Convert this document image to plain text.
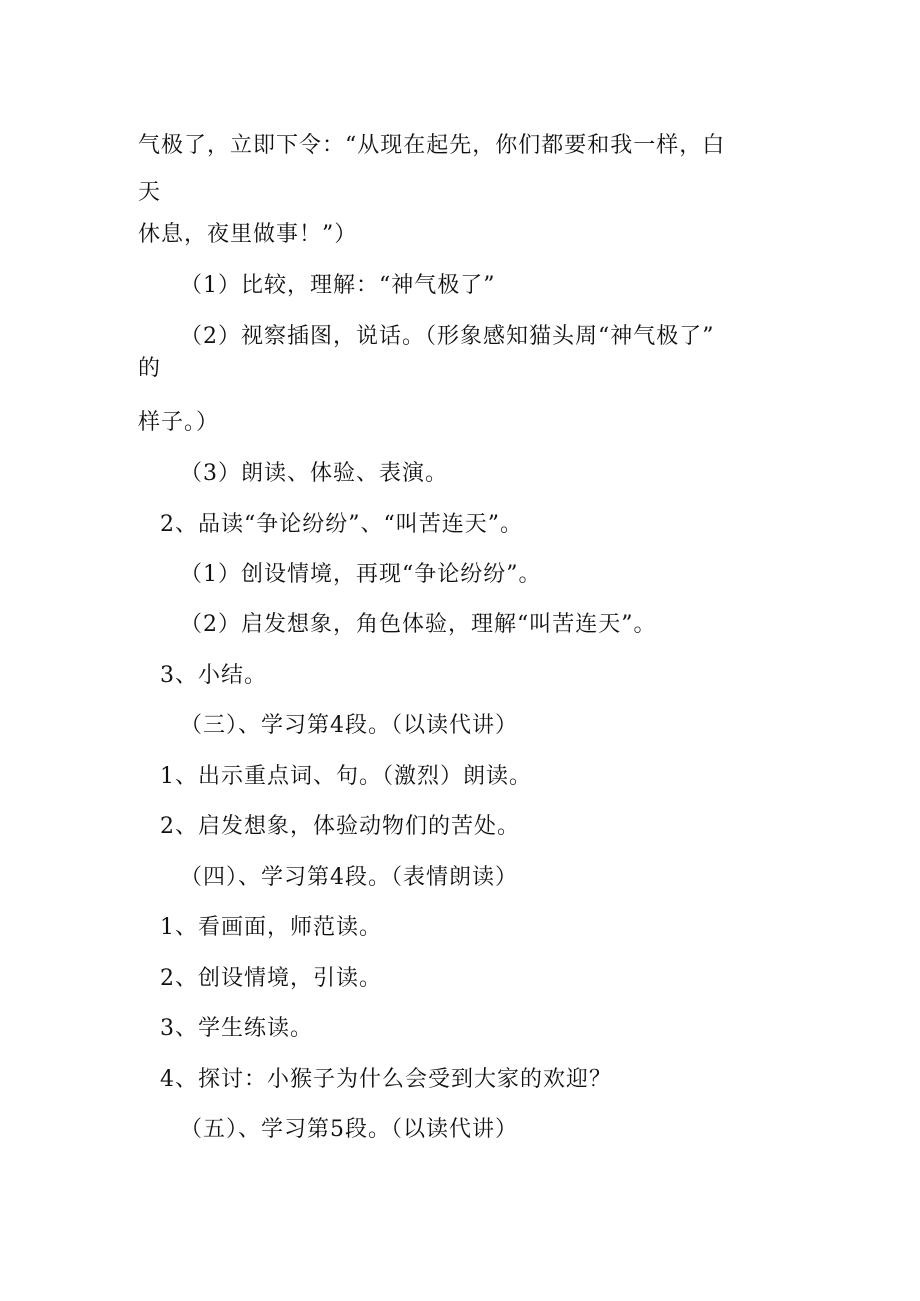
气极了，立即下令：“从现在起先，你们都要和我一样，白
天
休息，夜里做事！”）
（1）比较，理解：“神气极了”
（2）视察插图，说话。（形象感知猫头周“神气极了”
的
样子。）
（3）朗读、体验、表演。
2、品读“争论纷纷”、“叫苦连天”。
（1）创设情境，再现“争论纷纷”。
（2）启发想象，角色体验，理解“叫苦连天”。
3、小结。
（三）、学习第4段。（以读代讲）
1、出示重点词、句。（激烈）朗读。
2、启发想象，体验动物们的苦处。
（四）、学习第4段。（表情朗读）
1、看画面，师范读。
2、创设情境，引读。
3、学生练读。
4、探讨：小猴子为什么会受到大家的欢迎？
（五）、学习第5段。（以读代讲）
